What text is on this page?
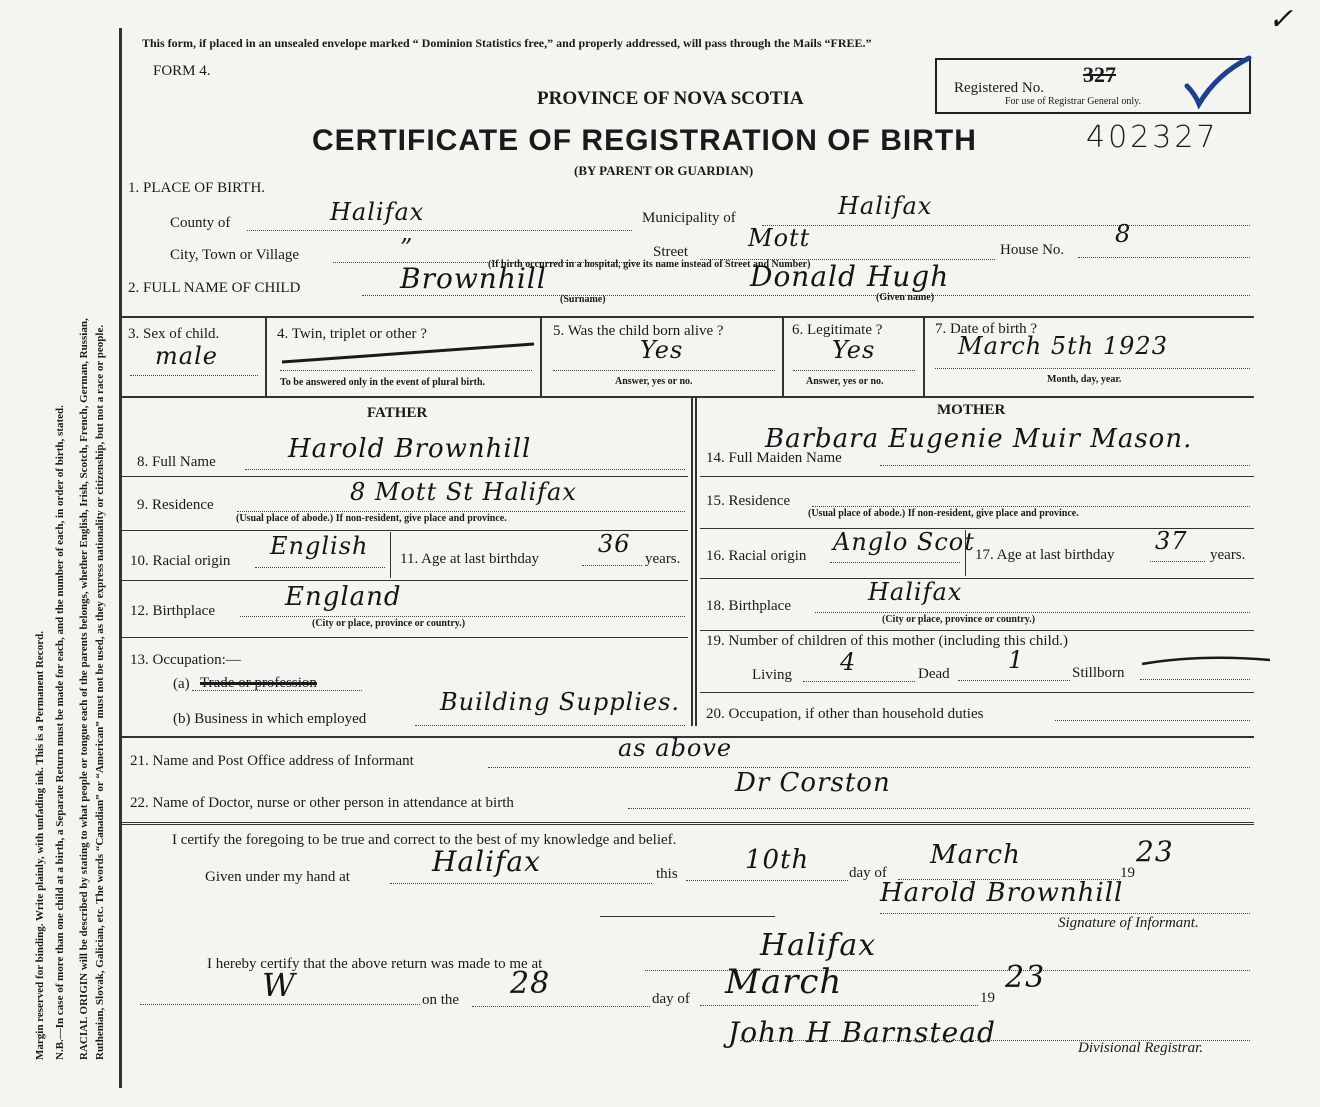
Margin reserved for binding. Write plainly, with unfading ink. This is a Permanent Record. N.B.—In case of more than one child at a birth, a Separate Return must be made for each, and the number of each, in order of birth, stated. RACIAL ORIGIN will be described by stating to what people or tongue each of the parents belongs, whether English, Irish, Scotch, French, German, Russian, Ruthenian, Slovak, Galician, etc. The words “Canadian” or “American” must not be used, as they express nationality or citizenship, but not a race or people.
This form, if placed in an unsealed envelope marked “ Dominion Statistics free,” and properly addressed, will pass through the Mails “FREE.”
FORM 4.
PROVINCE OF NOVA SCOTIA
CERTIFICATE OF REGISTRATION OF BIRTH
(BY PARENT OR GUARDIAN)
402327
✓
Registered No.
327
For use of Registrar General only.
1. PLACE OF BIRTH.
County of	Halifax	Municipality of	Halifax
City, Town or Village	”	Street	Mott	House No.
8
(If birth occurred in a hospital, give its name instead of Street and Number)
2. FULL NAME OF CHILD	Brownhill	Donald Hugh
(Surname)	(Given name)
3. Sex of child.
male
4. Twin, triplet or other ?
To be answered only in the event of plural birth.
5. Was the child born alive ?
Yes
Answer, yes or no.
6. Legitimate ?
Yes
Answer, yes or no.
7. Date of birth ?
March 5th 1923
Month, day, year.
FATHER
8. Full Name	Harold Brownhill
9. Residence	8 Mott St Halifax
(Usual place of abode.) If non-resident, give place and province.
10. Racial origin
English 11. Age at last birthday
36
years.
12. Birthplace	England
(City or place, province or country.)
13. Occupation:—
(a) Trade or profession
(b) Business in which employed
Building Supplies.
MOTHER
14. Full Maiden Name
Barbara Eugenie Muir Mason.
15. Residence
(Usual place of abode.) If non-resident, give place and province.
16. Racial origin Anglo Scot 17. Age at last birthday 37 years.
18. Birthplace	Halifax
(City or place, province or country.)
19. Number of children of this mother (including this child.)
Living 4	Dead 1	Stillborn
20. Occupation, if other than household duties
21. Name and Post Office address of Informant	as above
22. Name of Doctor, nurse or other person in attendance at birth
Dr Corston
I certify the foregoing to be true and correct to the best of my knowledge and belief.
Given under my hand at	Halifax	this	10th	day of
March
19
23
Harold Brownhill
Signature of Informant.
I hereby certify that the above return was made to me at
Halifax
W	on the 28	day of March	19
23
John H Barnstead	Divisional Registrar.
